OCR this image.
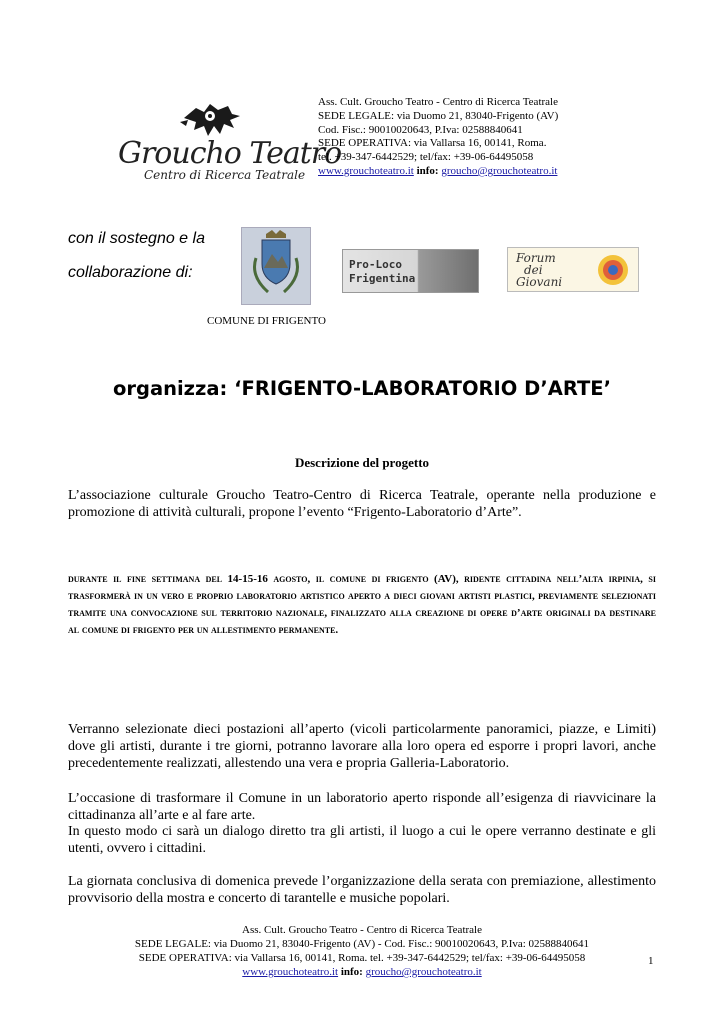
Groucho Teatro
Centro di Ricerca Teatrale
Ass. Cult. Groucho Teatro - Centro di Ricerca Teatrale
SEDE LEGALE: via Duomo 21, 83040-Frigento (AV)
Cod. Fisc.: 90010020643, P.Iva: 02588840641
SEDE OPERATIVA: via Vallarsa 16, 00141, Roma.
tel. +39-347-6442529; tel/fax: +39-06-64495058
www.grouchoteatro.it info: groucho@grouchoteatro.it
con il sostegno e la
collaborazione di:	Pro-Loco
Frigentina
Forum
dei
Giovani
COMUNE DI FRIGENTO
organizza: ‘FRIGENTO-LABORATORIO D’ARTE’
Descrizione del progetto
L’associazione culturale Groucho Teatro-Centro di Ricerca Teatrale, operante nella produzione e promozione di attività culturali, propone l’evento “Frigento-Laboratorio d’Arte”.
durante il fine settimana del 14-15-16 agosto, il comune di frigento (AV), ridente cittadina nell’alta irpinia, si trasformerà in un vero e proprio laboratorio artistico aperto a dieci giovani artisti plastici, previamente selezionati tramite una convocazione sul territorio nazionale, finalizzato alla creazione di opere d’arte originali da destinare al comune di frigento per un allestimento permanente.
Verranno selezionate dieci postazioni all’aperto (vicoli particolarmente panoramici, piazze, e Limiti) dove gli artisti, durante i tre giorni, potranno lavorare alla loro opera ed esporre i propri lavori, anche precedentemente realizzati, allestendo una vera e propria Galleria-Laboratorio.
L’occasione di trasformare il Comune in un laboratorio aperto risponde all’esigenza di riavvicinare la cittadinanza all’arte e al fare arte.
In questo modo ci sarà un dialogo diretto tra gli artisti, il luogo a cui le opere verranno destinate e gli utenti, ovvero i cittadini.
La giornata conclusiva di domenica prevede l’organizzazione della serata con premiazione, allestimento provvisorio della mostra e concerto di tarantelle e musiche popolari.
Ass. Cult. Groucho Teatro - Centro di Ricerca Teatrale
SEDE LEGALE: via Duomo 21, 83040-Frigento (AV) - Cod. Fisc.: 90010020643, P.Iva: 02588840641
SEDE OPERATIVA: via Vallarsa 16, 00141, Roma. tel. +39-347-6442529; tel/fax: +39-06-64495058
www.grouchoteatro.it info: groucho@grouchoteatro.it
1
